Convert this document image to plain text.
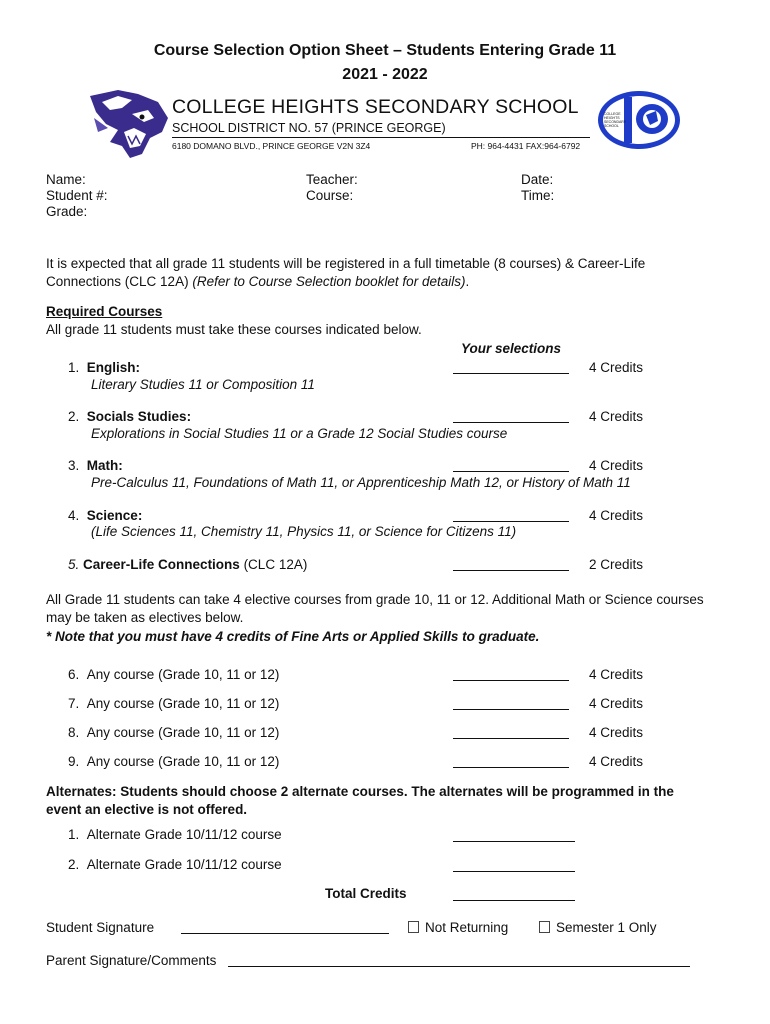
Course Selection Option Sheet – Students Entering Grade 11
2021 - 2022
COLLEGE HEIGHTS SECONDARY SCHOOL
SCHOOL DISTRICT NO. 57 (PRINCE GEORGE)
6180 DOMANO BLVD., PRINCE GEORGE V2N 3Z4	PH: 964-4431 FAX:964-6792
COLLEGE HEIGHTS SECONDARY SCHOOL
Name:
Student #:
Grade:
Teacher:
Course:
Date:
Time:
It is expected that all grade 11 students will be registered in a full timetable (8 courses) & Career-Life
Connections (CLC 12A) (Refer to Course Selection booklet for details).
Required Courses
All grade 11 students must take these courses indicated below.
Your selections
1. English:
Literary Studies 11 or Composition 11
4 Credits
2. Socials Studies:
Explorations in Social Studies 11 or a Grade 12 Social Studies course
4 Credits
3. Math:
Pre-Calculus 11, Foundations of Math 11, or Apprenticeship Math 12, or History of Math 11
4 Credits
4. Science:
(Life Sciences 11, Chemistry 11, Physics 11, or Science for Citizens 11)
4 Credits
5. Career-Life Connections (CLC 12A)	2 Credits
All Grade 11 students can take 4 elective courses from grade 10, 11 or 12. Additional Math or Science courses
may be taken as electives below.
* Note that you must have 4 credits of Fine Arts or Applied Skills to graduate.
6. Any course (Grade 10, 11 or 12)	4 Credits
7. Any course (Grade 10, 11 or 12)	4 Credits
8. Any course (Grade 10, 11 or 12)	4 Credits
9. Any course (Grade 10, 11 or 12)	4 Credits
Alternates: Students should choose 2 alternate courses. The alternates will be programmed in the
event an elective is not offered.
1. Alternate Grade 10/11/12 course
2. Alternate Grade 10/11/12 course
Total Credits
Student Signature	Not Returning	Semester 1 Only
Parent Signature/Comments
